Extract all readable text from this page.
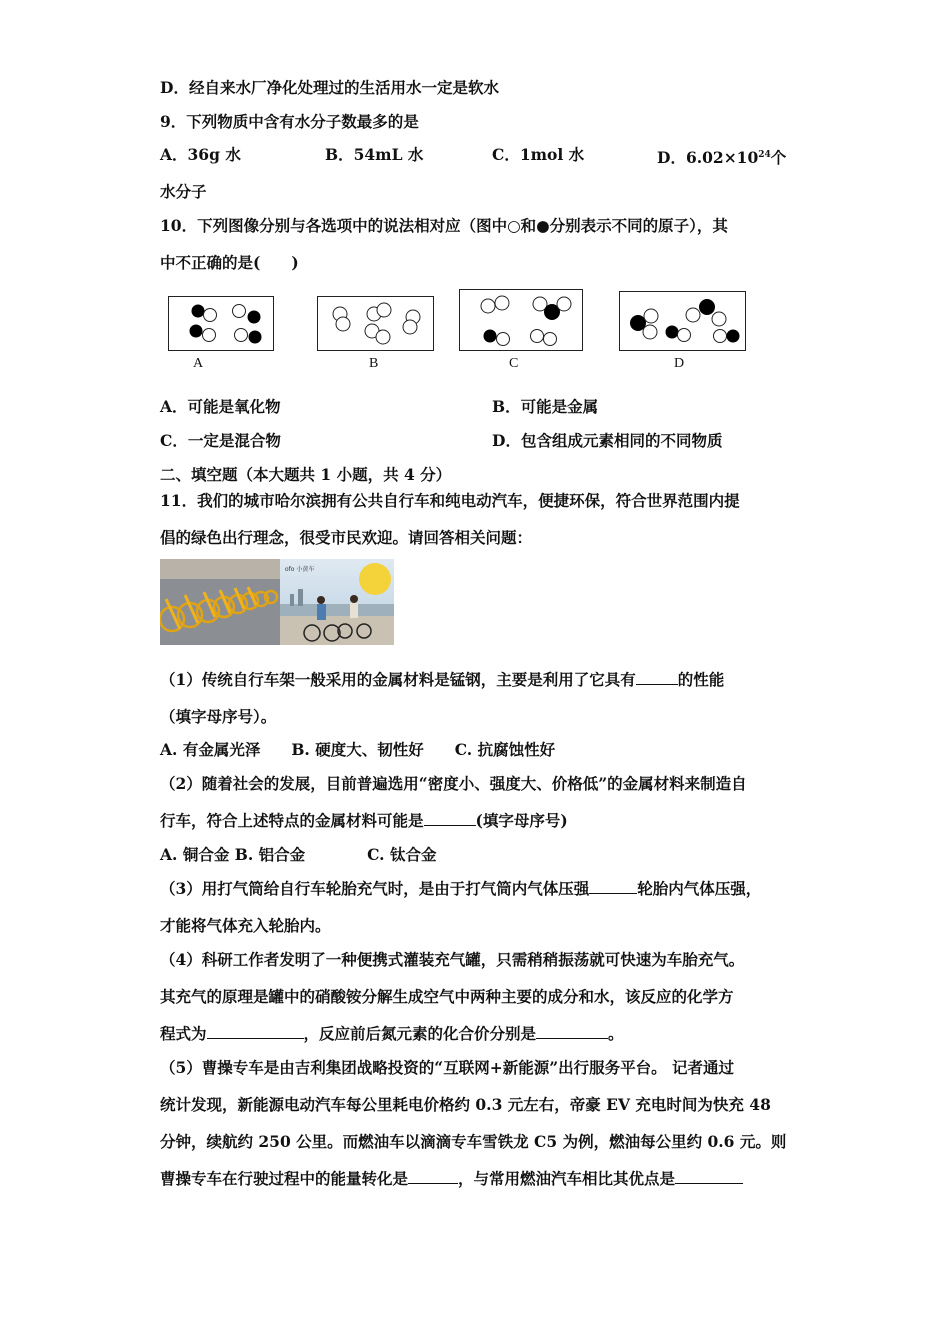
D．经自来水厂净化处理过的生活用水一定是软水
9．下列物质中含有水分子数最多的是
A．36g 水	B．54mL 水	C．1mol 水	D．$6.02\times 10^{24}$个
水分子
10．下列图像分别与各选项中的说法相对应（图中○和●分别表示不同的原子），其
中不正确的是(　　)
A	B	C	D
A．可能是氧化物	B．可能是金属
C．一定是混合物	D．包含组成元素相同的不同物质
二、填空题（本大题共 1 小题，共 4 分）
11．我们的城市哈尔滨拥有公共自行车和纯电动汽车，便捷环保，符合世界范围内提
倡的绿色出行理念，很受市民欢迎。请回答相关问题：
ofo 小黄车
（1）传统自行车架一般采用的金属材料是锰钢，主要是利用了它具有	的性能
（填字母序号）。
A. 有金属光泽　　B. 硬度大、韧性好　　C. 抗腐蚀性好
（2）随着社会的发展，目前普遍选用“密度小、强度大、价格低”的金属材料来制造自
行车，符合上述特点的金属材料可能是	(填字母序号)
A. 铜合金 B. 铝合金　　　　C. 钛合金
（3）用打气筒给自行车轮胎充气时，是由于打气筒内气体压强	轮胎内气体压强，
才能将气体充入轮胎内。
（4）科研工作者发明了一种便携式灌装充气罐，只需稍稍振荡就可快速为车胎充气。
其充气的原理是罐中的硝酸铵分解生成空气中两种主要的成分和水，该反应的化学方
程式为	，反应前后氮元素的化合价分别是	。
（5）曹操专车是由吉利集团战略投资的“互联网+新能源”出行服务平台。 记者通过
统计发现，新能源电动汽车每公里耗电价格约 0.3 元左右，帝豪 EV 充电时间为快充 48
分钟，续航约 250 公里。而燃油车以滴滴专车雪铁龙 C5 为例，燃油每公里约 0.6 元。则
曹操专车在行驶过程中的能量转化是	，与常用燃油汽车相比其优点是
